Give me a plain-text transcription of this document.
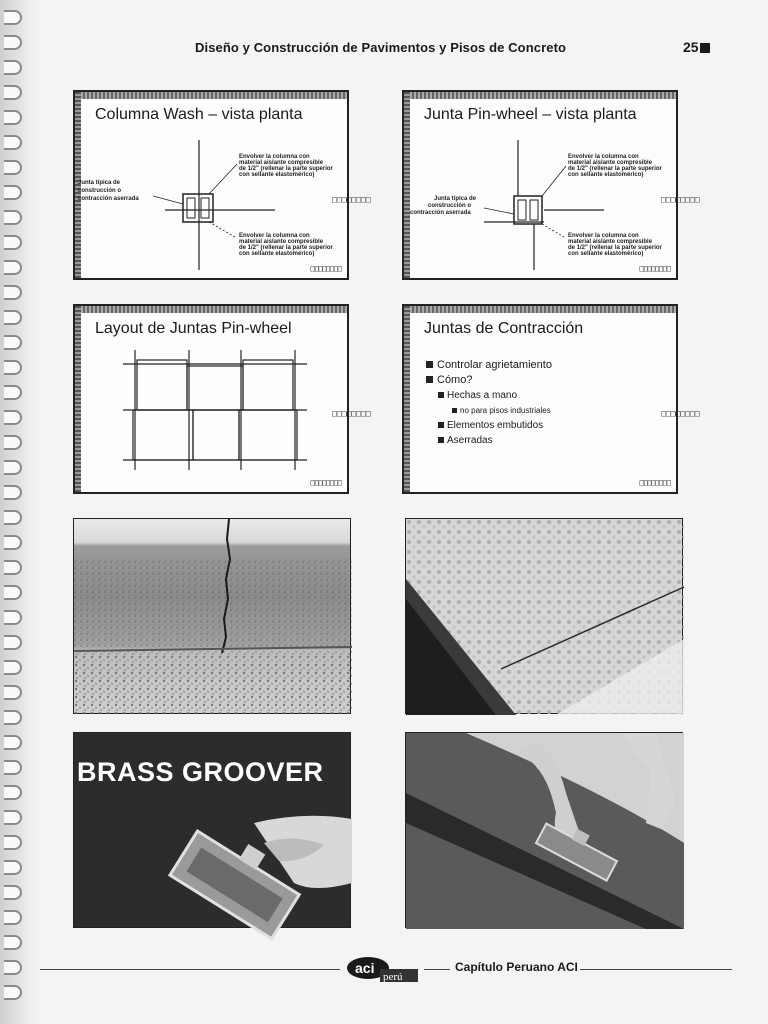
Diseño y Construcción de Pavimentos y Pisos de Concreto	25
Columna Wash – vista planta
Junta típica de
construcción o
contracción aserrada
Envolver la columna con
material aislante compresible
de 1/2" (rellenar la parte superior
con sellante elastomérico)
Envolver la columna con
material aislante compresible
de 1/2" (rellenar la parte superior
con sellante elastomérico)
□□□□□□□□
□□□□□□□□
Junta Pin-wheel – vista planta
Junta típica de
construcción o
contracción aserrada
Envolver la columna con
material aislante compresible
de 1/2" (rellenar la parte superior
con sellante elastomérico)
Envolver la columna con
material aislante compresible
de 1/2" (rellenar la parte superior
con sellante elastomérico)
□□□□□□□□
□□□□□□□□
Layout de Juntas Pin-wheel
□□□□□□□□
□□□□□□□□
Juntas de Contracción
Controlar agrietamiento
Cómo?
Hechas a mano
no para pisos industriales
Elementos embutidos
Aserradas
□□□□□□□□
□□□□□□□□
BRASS GROOVER
aci
perú
Capítulo Peruano ACI
